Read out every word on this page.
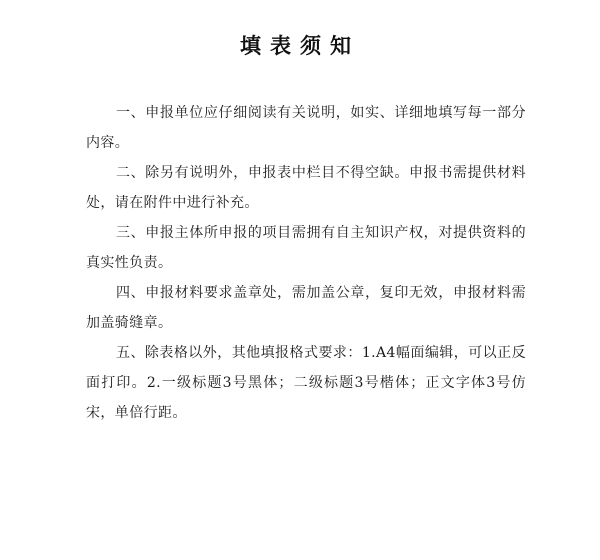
填表须知

一、申报单位应仔细阅读有关说明，如实、详细地填写每一部分内容。

二、除另有说明外，申报表中栏目不得空缺。申报书需提供材料处，请在附件中进行补充。

三、申报主体所申报的项目需拥有自主知识产权，对提供资料的真实性负责。

四、申报材料要求盖章处，需加盖公章，复印无效，申报材料需加盖骑缝章。

五、除表格以外，其他填报格式要求：1.A4幅面编辑，可以正反面打印。2.一级标题3号黑体；二级标题3号楷体；正文字体3号仿宋，单倍行距。
